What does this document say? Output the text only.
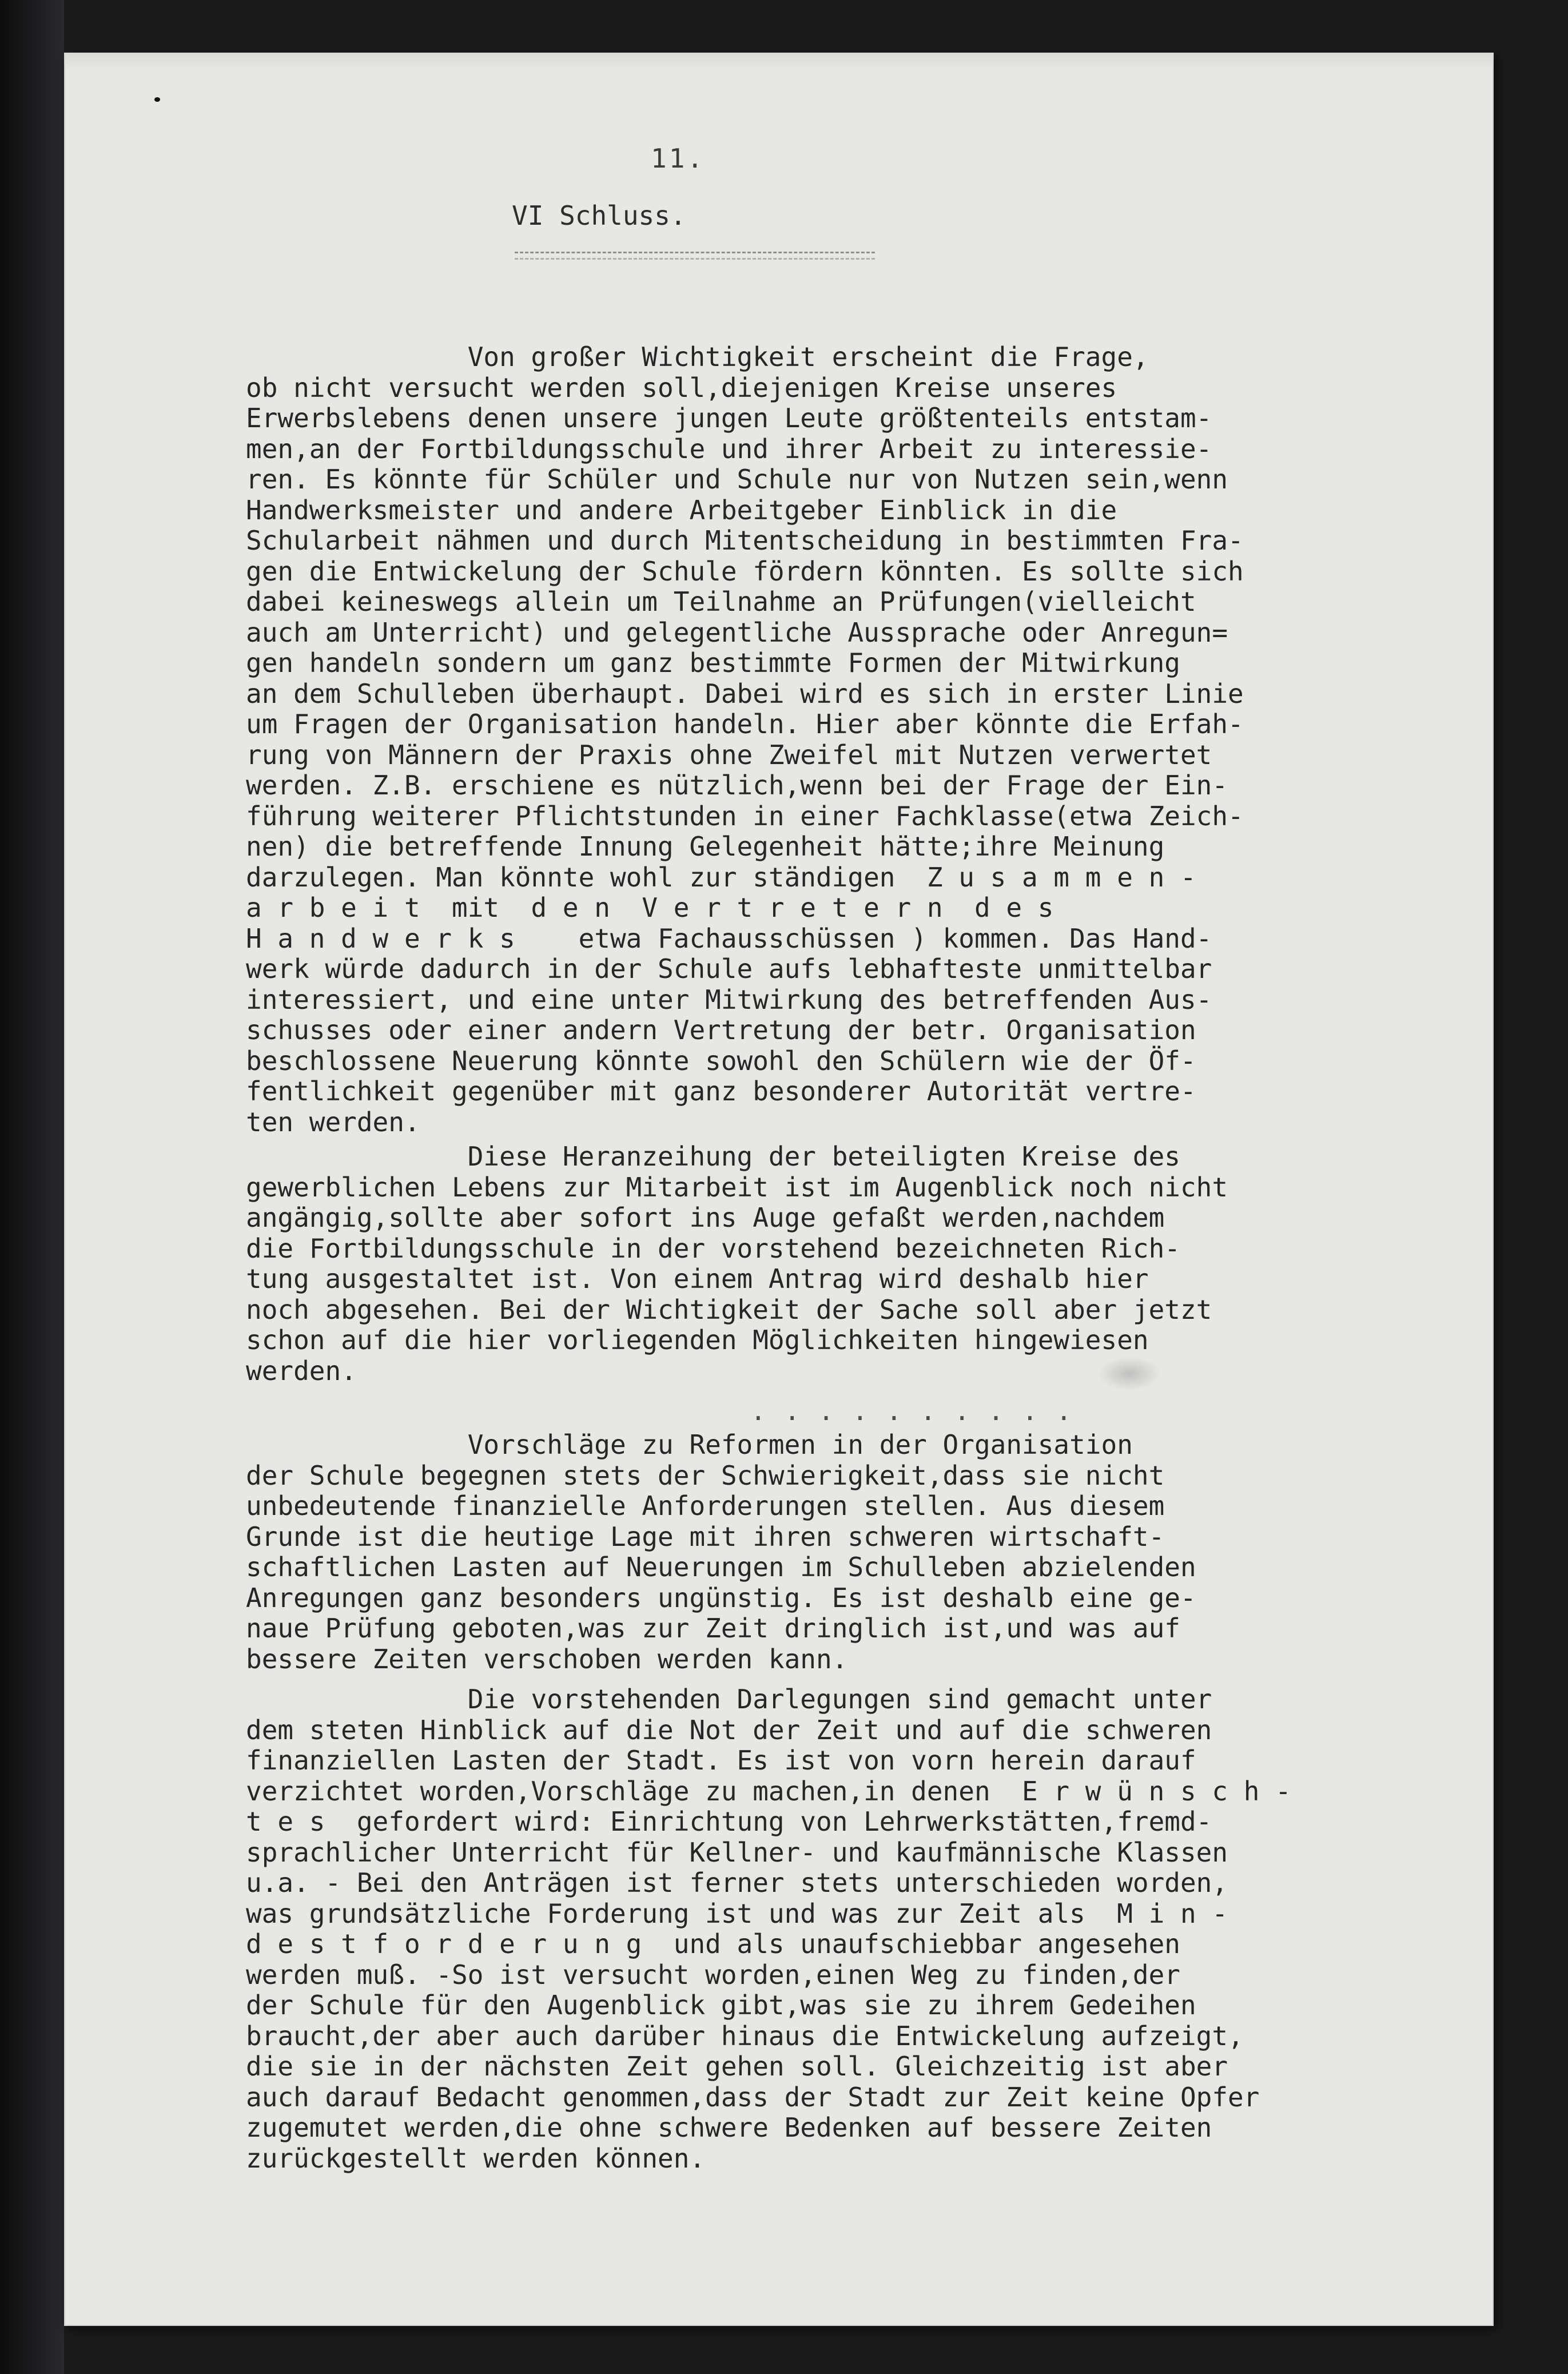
11.
VI Schluss.
Von großer Wichtigkeit erscheint die Frage,
ob nicht versucht werden soll,diejenigen Kreise unseres
Erwerbslebens denen unsere jungen Leute größtenteils entstam-
men,an der Fortbildungsschule und ihrer Arbeit zu interessie-
ren. Es könnte für Schüler und Schule nur von Nutzen sein,wenn
Handwerksmeister und andere Arbeitgeber Einblick in die
Schularbeit nähmen und durch Mitentscheidung in bestimmten Fra-
gen die Entwickelung der Schule fördern könnten. Es sollte sich
dabei keineswegs allein um Teilnahme an Prüfungen(vielleicht
auch am Unterricht) und gelegentliche Aussprache oder Anregun=
gen handeln sondern um ganz bestimmte Formen der Mitwirkung
an dem Schulleben überhaupt. Dabei wird es sich in erster Linie
um Fragen der Organisation handeln. Hier aber könnte die Erfah-
rung von Männern der Praxis ohne Zweifel mit Nutzen verwertet
werden. Z.B. erschiene es nützlich,wenn bei der Frage der Ein-
führung weiterer Pflichtstunden in einer Fachklasse(etwa Zeich-
nen) die betreffende Innung Gelegenheit hätte;ihre Meinung
darzulegen. Man könnte wohl zur ständigen  Z u s a m m e n -
a r b e i t  mit  d e n  V e r t r e t e r n  d e s
H a n d w e r k s    etwa Fachausschüssen ) kommen. Das Hand-
werk würde dadurch in der Schule aufs lebhafteste unmittelbar
interessiert, und eine unter Mitwirkung des betreffenden Aus-
schusses oder einer andern Vertretung der betr. Organisation
beschlossene Neuerung könnte sowohl den Schülern wie der Öf-
fentlichkeit gegenüber mit ganz besonderer Autorität vertre-
ten werden.
Diese Heranzeihung der beteiligten Kreise des
gewerblichen Lebens zur Mitarbeit ist im Augenblick noch nicht
angängig,sollte aber sofort ins Auge gefaßt werden,nachdem
die Fortbildungsschule in der vorstehend bezeichneten Rich-
tung ausgestaltet ist. Von einem Antrag wird deshalb hier
noch abgesehen. Bei der Wichtigkeit der Sache soll aber jetzt
schon auf die hier vorliegenden Möglichkeiten hingewiesen
werden.
. . . . . . . . . .
Vorschläge zu Reformen in der Organisation
der Schule begegnen stets der Schwierigkeit,dass sie nicht
unbedeutende finanzielle Anforderungen stellen. Aus diesem
Grunde ist die heutige Lage mit ihren schweren wirtschaft-
schaftlichen Lasten auf Neuerungen im Schulleben abzielenden
Anregungen ganz besonders ungünstig. Es ist deshalb eine ge-
naue Prüfung geboten,was zur Zeit dringlich ist,und was auf
bessere Zeiten verschoben werden kann.
Die vorstehenden Darlegungen sind gemacht unter
dem steten Hinblick auf die Not der Zeit und auf die schweren
finanziellen Lasten der Stadt. Es ist von vorn herein darauf
verzichtet worden,Vorschläge zu machen,in denen  E r w ü n s c h -
t e s  gefordert wird: Einrichtung von Lehrwerkstätten,fremd-
sprachlicher Unterricht für Kellner- und kaufmännische Klassen
u.a. - Bei den Anträgen ist ferner stets unterschieden worden,
was grundsätzliche Forderung ist und was zur Zeit als  M i n -
d e s t f o r d e r u n g  und als unaufschiebbar angesehen
werden muß. -So ist versucht worden,einen Weg zu finden,der
der Schule für den Augenblick gibt,was sie zu ihrem Gedeihen
braucht,der aber auch darüber hinaus die Entwickelung aufzeigt,
die sie in der nächsten Zeit gehen soll. Gleichzeitig ist aber
auch darauf Bedacht genommen,dass der Stadt zur Zeit keine Opfer
zugemutet werden,die ohne schwere Bedenken auf bessere Zeiten
zurückgestellt werden können.
